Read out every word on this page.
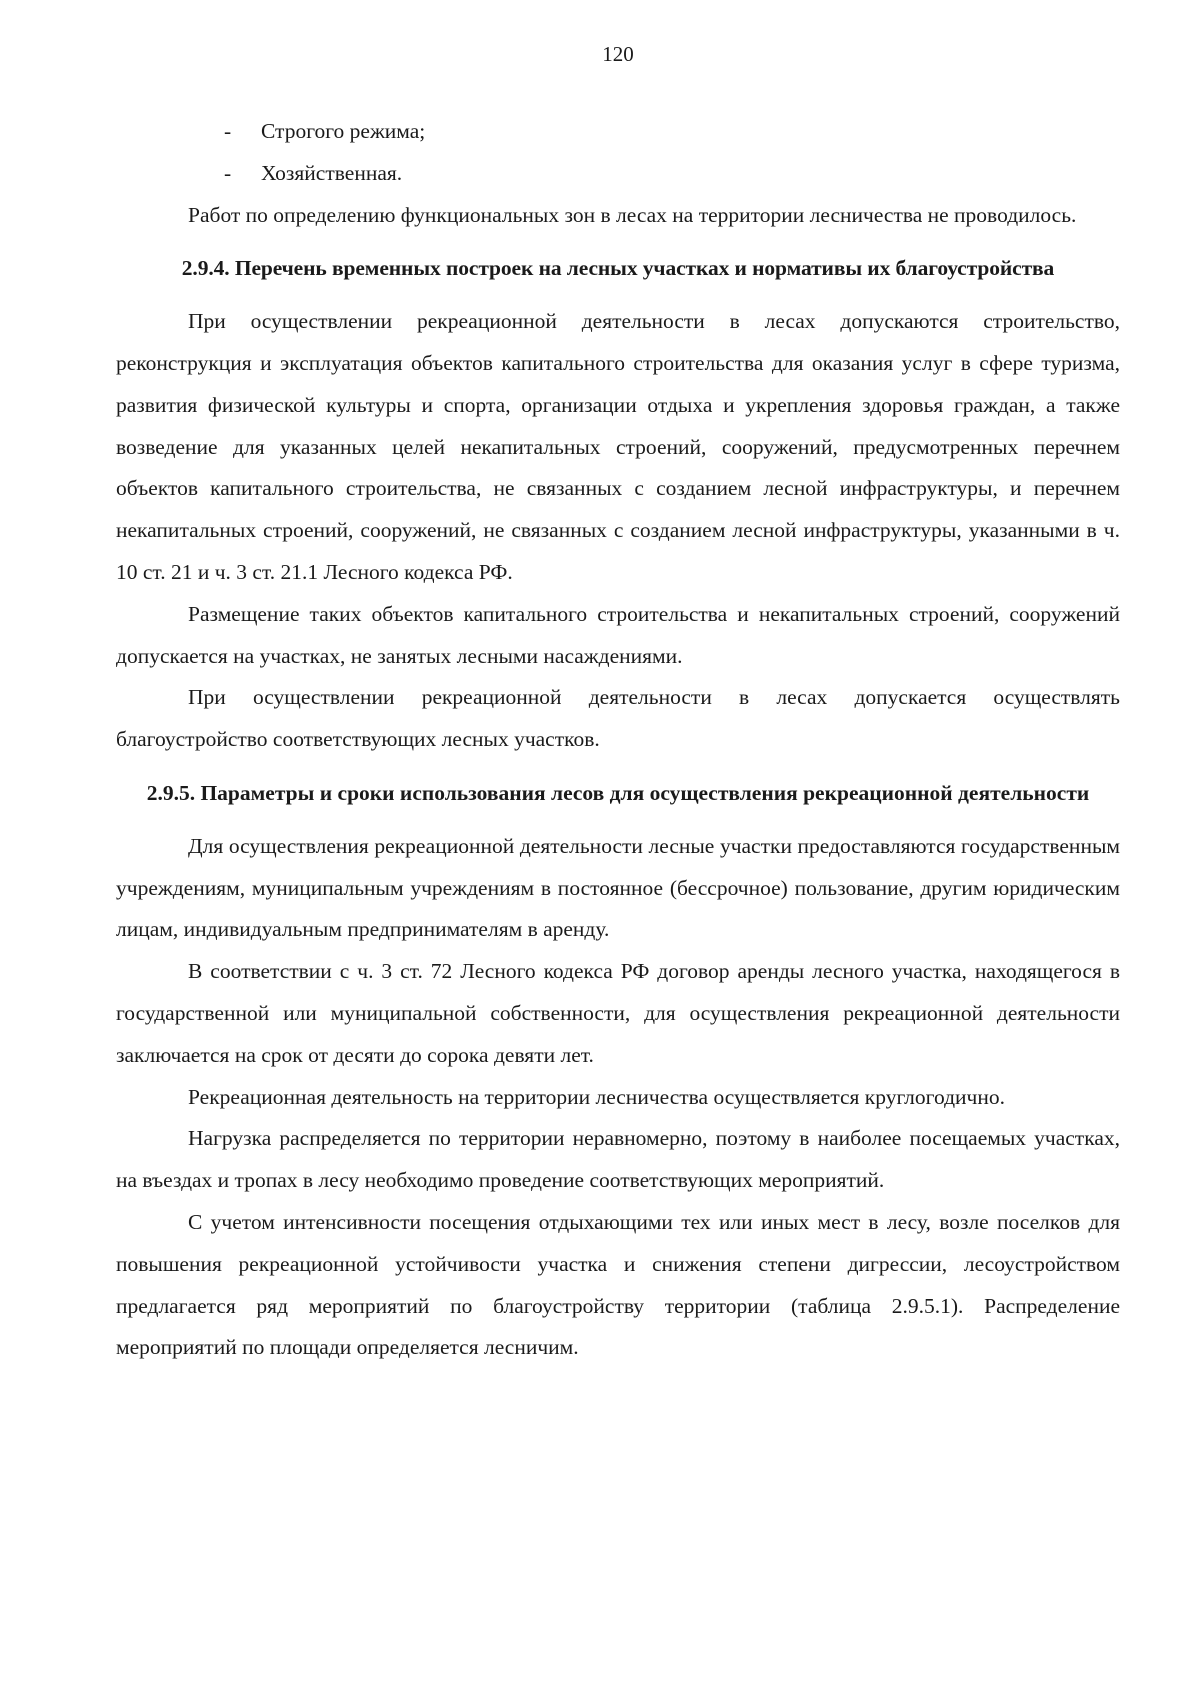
120

- Строгого режима;

- Хозяйственная.

Работ по определению функциональных зон в лесах на территории лесничества не проводилось.

2.9.4. Перечень временных построек на лесных участках и нормативы их благоустройства

При осуществлении рекреационной деятельности в лесах допускаются строительство, реконструкция и эксплуатация объектов капитального строительства для оказания услуг в сфере туризма, развития физической культуры и спорта, организации отдыха и укрепления здоровья граждан, а также возведение для указанных целей некапитальных строений, сооружений, предусмотренных перечнем объектов капитального строительства, не связанных с созданием лесной инфраструктуры, и перечнем некапитальных строений, сооружений, не связанных с созданием лесной инфраструктуры, указанными в ч. 10 ст. 21 и ч. 3 ст. 21.1 Лесного кодекса РФ.

Размещение таких объектов капитального строительства и некапитальных строений, сооружений допускается на участках, не занятых лесными насаждениями.

При осуществлении рекреационной деятельности в лесах допускается осуществлять благоустройство соответствующих лесных участков.

2.9.5. Параметры и сроки использования лесов для осуществления рекреационной деятельности

Для осуществления рекреационной деятельности лесные участки предоставляются государственным учреждениям, муниципальным учреждениям в постоянное (бессрочное) пользование, другим юридическим лицам, индивидуальным предпринимателям в аренду.

В соответствии с ч. 3 ст. 72 Лесного кодекса РФ договор аренды лесного участка, находящегося в государственной или муниципальной собственности, для осуществления рекреационной деятельности заключается на срок от десяти до сорока девяти лет.

Рекреационная деятельность на территории лесничества осуществляется круглогодично.

Нагрузка распределяется по территории неравномерно, поэтому в наиболее посещаемых участках, на въездах и тропах в лесу необходимо проведение соответствующих мероприятий.

С учетом интенсивности посещения отдыхающими тех или иных мест в лесу, возле поселков для повышения рекреационной устойчивости участка и снижения степени дигрессии, лесоустройством предлагается ряд мероприятий по благоустройству территории (таблица 2.9.5.1). Распределение мероприятий по площади определяется лесничим.
